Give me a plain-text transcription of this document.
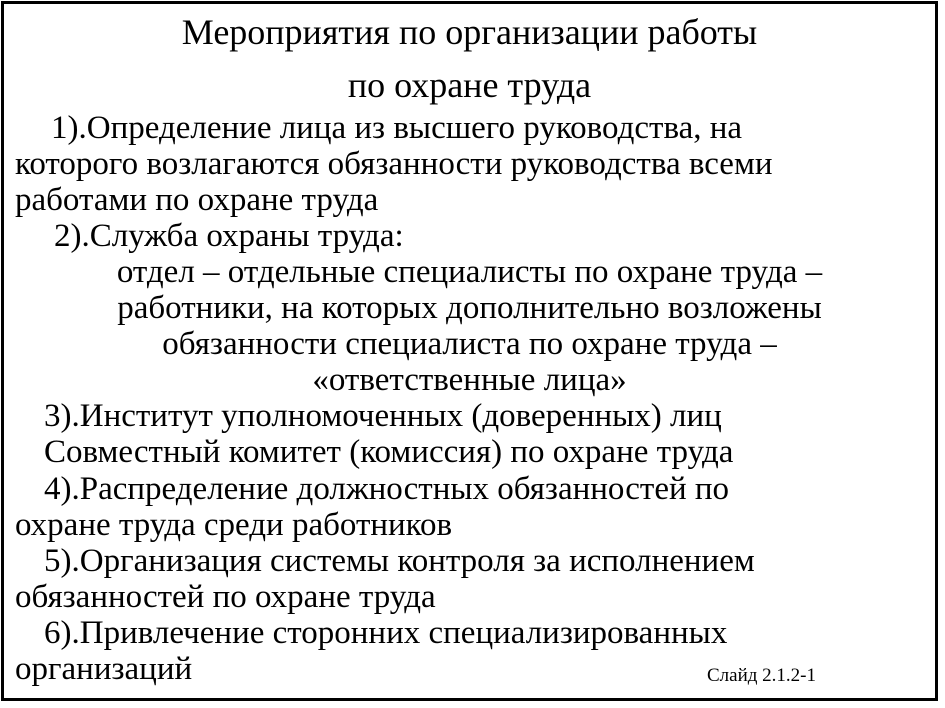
Мероприятия по организации работы
по охране труда
1).Определение лица из высшего руководства, на
которого возлагаются обязанности руководства всеми
работами по охране труда
2).Служба охраны труда:
отдел – отдельные специалисты по охране труда –
работники, на которых дополнительно возложены
обязанности специалиста по охране труда –
«ответственные лица»
3).Институт уполномоченных (доверенных) лиц
Совместный комитет (комиссия) по охране труда
4).Распределение должностных обязанностей по
охране труда среди работников
5).Организация системы контроля за исполнением
обязанностей по охране труда
6).Привлечение сторонних специализированных
организаций	Слайд 2.1.2-1
